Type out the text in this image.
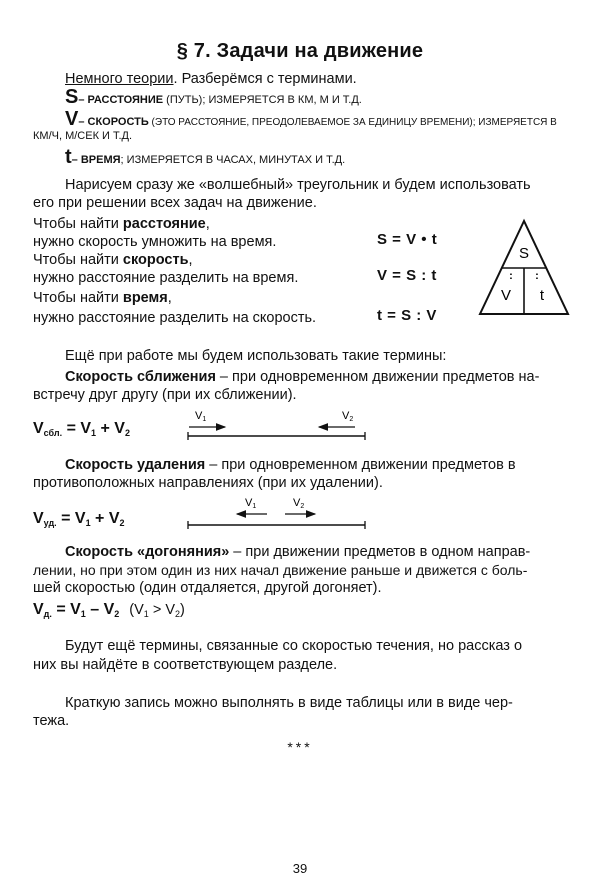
§ 7. Задачи на движение
Немного теории. Разберёмся с терминами.
S– РАССТОЯНИЕ (ПУТЬ); ИЗМЕРЯЕТСЯ В КМ, М И Т.Д.
V– СКОРОСТЬ (ЭТО РАССТОЯНИЕ, ПРЕОДОЛЕВАЕМОЕ ЗА ЕДИНИЦУ ВРЕМЕНИ); ИЗМЕРЯЕТСЯ В
КМ/Ч, М/СЕК И Т.Д.
t– ВРЕМЯ; ИЗМЕРЯЕТСЯ В ЧАСАХ, МИНУТАХ И Т.Д.
Нарисуем сразу же «волшебный» треугольник и будем использовать
его при решении всех задач на движение.
Чтобы найти расстояние,
нужно скорость умножить на время.	S = V • t
Чтобы найти скорость,
нужно расстояние разделить на время.	V = S : t
Чтобы найти время,
нужно расстояние разделить на скорость.	t = S : V
S
V t
: :
Ещё при работе мы будем использовать такие термины:
Скорость сближения – при одновременном движении предметов на-
встречу друг другу (при их сближении).
$V_{сбл.} = V_1 + V_2$
V1	V2
Скорость удаления – при одновременном движении предметов в
противоположных направлениях (при их удалении).
$V_{уд.} = V_1 + V_2$
V1	V2
Скорость «догоняния» – при движении предметов в одном направ-
лении, но при этом один из них начал движение раньше и движется с боль-
шей скоростью (один отдаляется, другой догоняет).
$V_{д.} = V_1 - V_2$ $(V_1 > V_2)$
Будут ещё термины, связанные со скоростью течения, но рассказ о
них вы найдёте в соответствующем разделе.
Краткую запись можно выполнять в виде таблицы или в виде чер-
тежа.
***
39
